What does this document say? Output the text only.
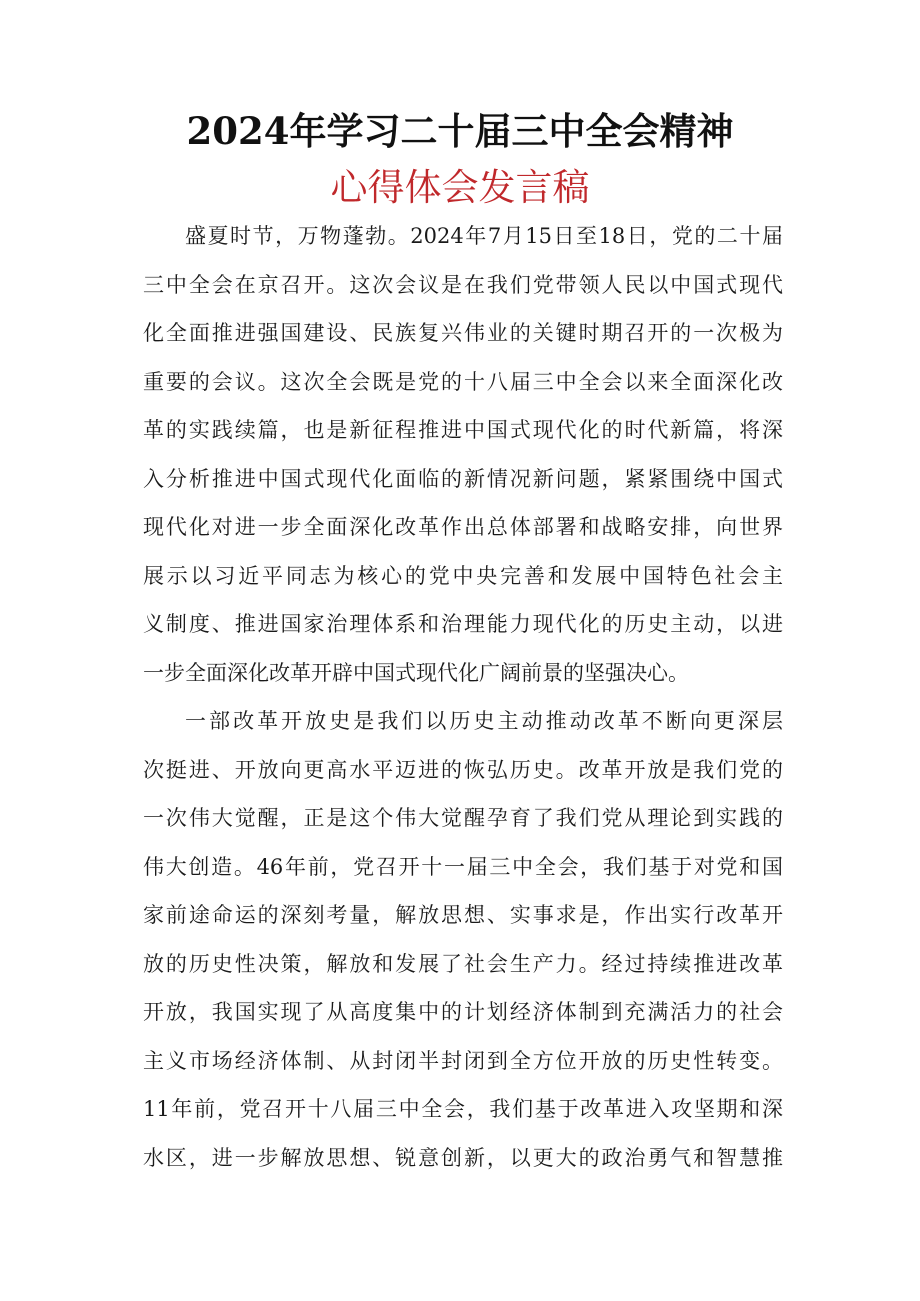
2024年学习二十届三中全会精神
心得体会发言稿

盛夏时节，万物蓬勃。2024年7月15日至18日，党的二十届
三中全会在京召开。这次会议是在我们党带领人民以中国式现代
化全面推进强国建设、民族复兴伟业的关键时期召开的一次极为
重要的会议。这次全会既是党的十八届三中全会以来全面深化改
革的实践续篇，也是新征程推进中国式现代化的时代新篇，将深
入分析推进中国式现代化面临的新情况新问题，紧紧围绕中国式
现代化对进一步全面深化改革作出总体部署和战略安排，向世界
展示以习近平同志为核心的党中央完善和发展中国特色社会主
义制度、推进国家治理体系和治理能力现代化的历史主动，以进
一步全面深化改革开辟中国式现代化广阔前景的坚强决心。

一部改革开放史是我们以历史主动推动改革不断向更深层
次挺进、开放向更高水平迈进的恢弘历史。改革开放是我们党的
一次伟大觉醒，正是这个伟大觉醒孕育了我们党从理论到实践的
伟大创造。46年前，党召开十一届三中全会，我们基于对党和国
家前途命运的深刻考量，解放思想、实事求是，作出实行改革开
放的历史性决策，解放和发展了社会生产力。经过持续推进改革
开放，我国实现了从高度集中的计划经济体制到充满活力的社会
主义市场经济体制、从封闭半封闭到全方位开放的历史性转变。
11年前，党召开十八届三中全会，我们基于改革进入攻坚期和深
水区，进一步解放思想、锐意创新，以更大的政治勇气和智慧推
